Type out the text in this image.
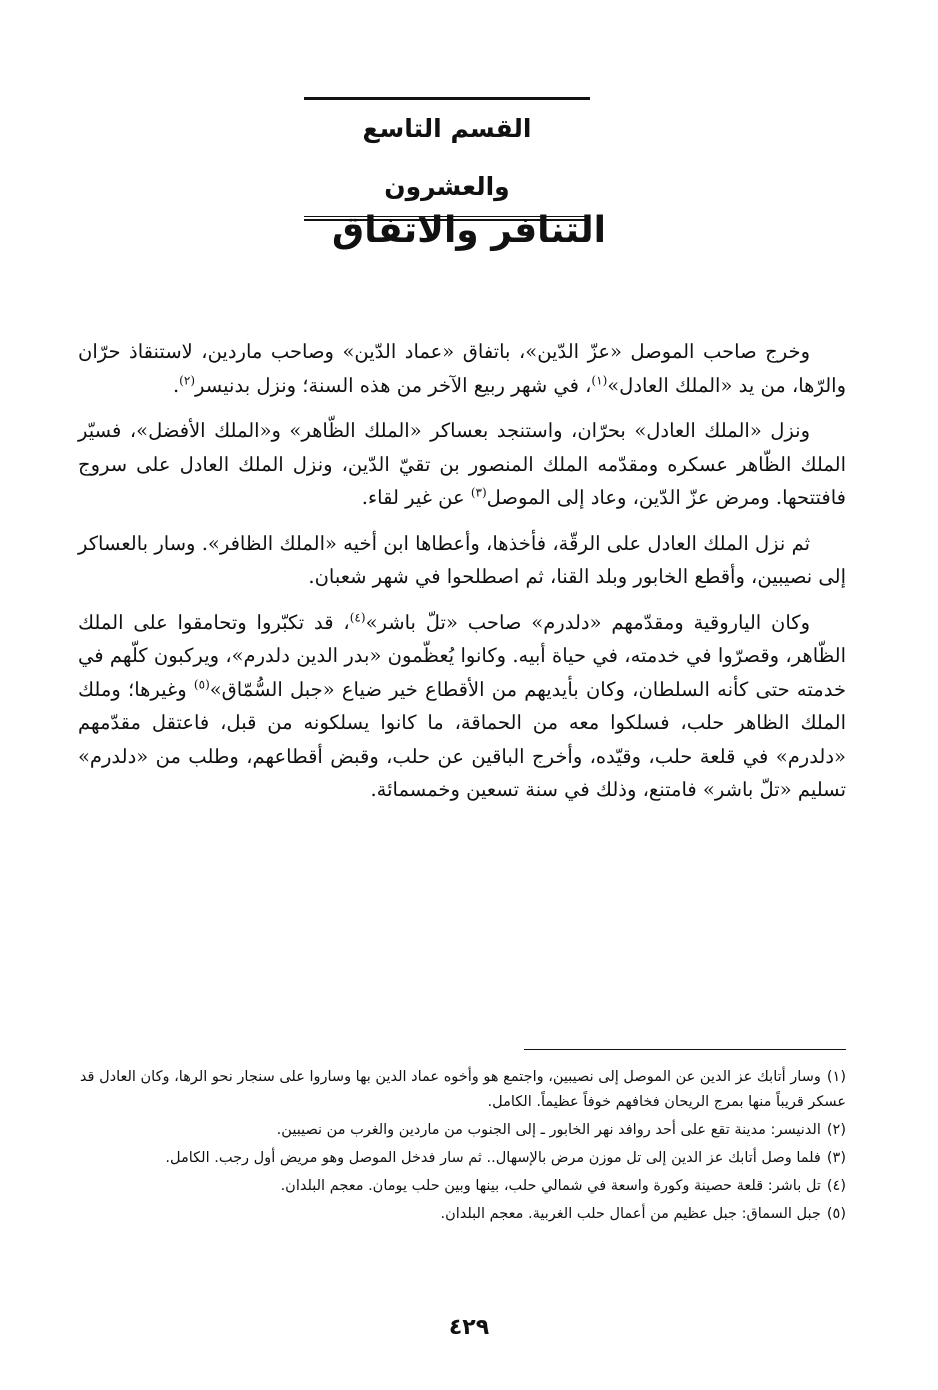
القسم التاسع والعشرون
التنافر والاتفاق

وخرج صاحب الموصل «عزّ الدّين»، باتفاق «عماد الدّين» وصاحب ماردين، لاستنقاذ حرّان والرّها، من يد «الملك العادل»$^{(١)}$، في شهر ربيع الآخر من هذه السنة؛ ونزل بدنيسر$^{(٢)}$.

ونزل «الملك العادل» بحرّان، واستنجد بعساكر «الملك الظّاهر» و«الملك الأفضل»، فسيّر الملك الظّاهر عسكره ومقدّمه الملك المنصور بن تقيّ الدّين، ونزل الملك العادل على سروج فافتتحها. ومرض عزّ الدّين، وعاد إلى الموصل$^{(٣)}$ عن غير لقاء.

ثم نزل الملك العادل على الرقّة، فأخذها، وأعطاها ابن أخيه «الملك الظافر». وسار بالعساكر إلى نصيبين، وأقطع الخابور وبلد القنا، ثم اصطلحوا في شهر شعبان.

وكان الياروقية ومقدّمهم «دلدرم» صاحب «تلّ باشر»$^{(٤)}$، قد تكبّروا وتحامقوا على الملك الظّاهر، وقصرّوا في خدمته، في حياة أبيه. وكانوا يُعظّمون «بدر الدين دلدرم»، ويركبون كلّهم في خدمته حتى كأنه السلطان، وكان بأيديهم من الأقطاع خير ضياع «جبل السُّمّاق»$^{(٥)}$ وغيرها؛ وملك الملك الظاهر حلب، فسلكوا معه من الحماقة، ما كانوا يسلكونه من قبل، فاعتقل مقدّمهم «دلدرم» في قلعة حلب، وقيّده، وأخرج الباقين عن حلب، وقبض أقطاعهم، وطلب من «دلدرم» تسليم «تلّ باشر» فامتنع، وذلك في سنة تسعين وخمسمائة.

(١)وسار أتابك عز الدين عن الموصل إلى نصيبين، واجتمع هو وأخوه عماد الدين بها وساروا على سنجار نحو الرها، وكان العادل قد عسكر قريباً منها بمرج الريحان فخافهم خوفاً عظيماً. الكامل.
(٢)الدنيسر: مدينة تقع على أحد روافد نهر الخابور ـ إلى الجنوب من ماردين والغرب من نصيبين.
(٣)فلما وصل أتابك عز الدين إلى تل موزن مرض بالإسهال.. ثم سار فدخل الموصل وهو مريض أول رجب. الكامل.
(٤)تل باشر: قلعة حصينة وكورة واسعة في شمالي حلب، بينها وبين حلب يومان. معجم البلدان.
(٥)جبل السماق: جبل عظيم من أعمال حلب الغربية. معجم البلدان.
٤٢٩
